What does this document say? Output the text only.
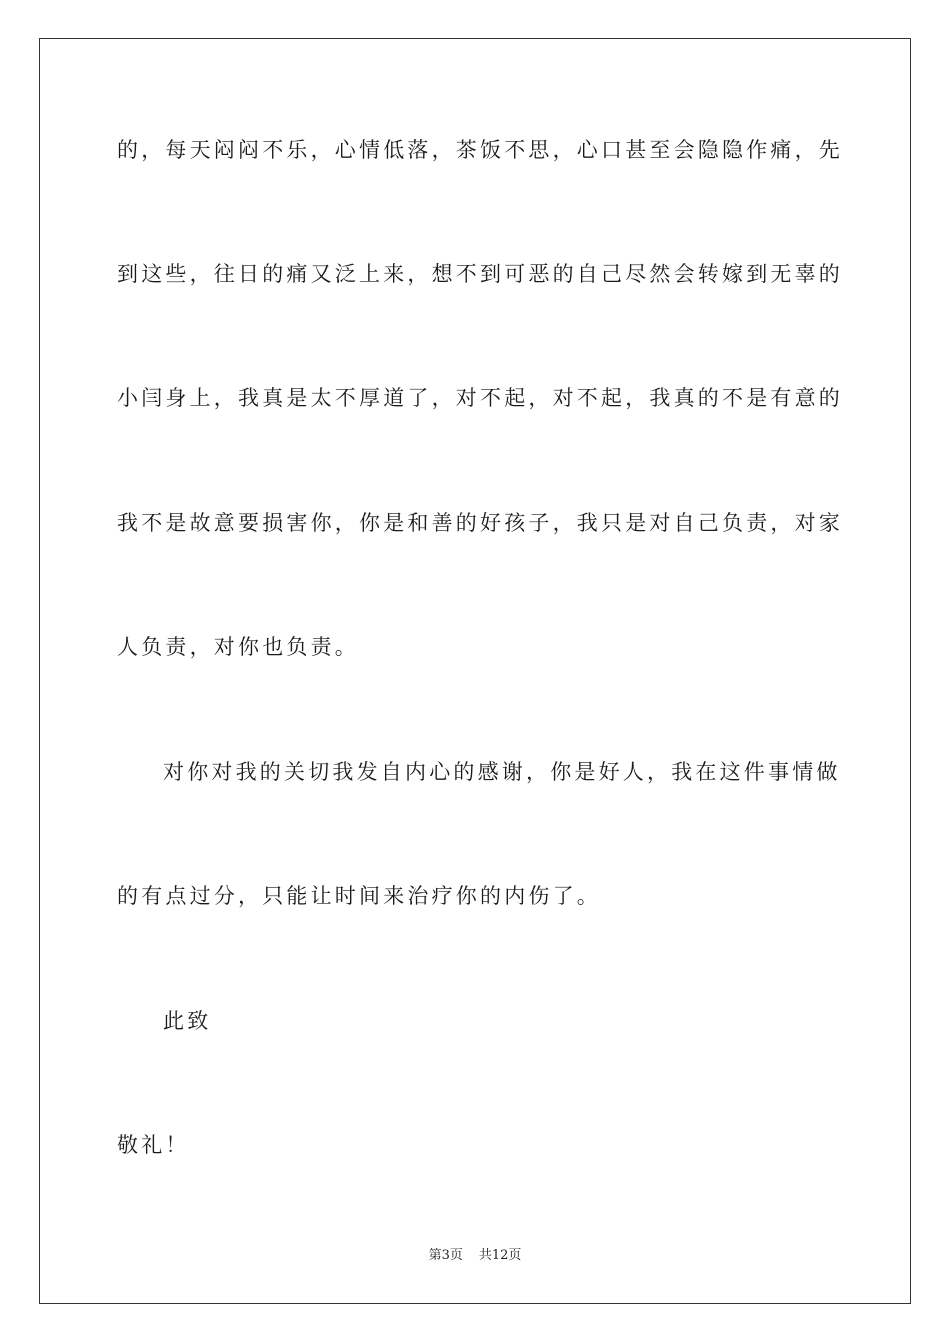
的，每天闷闷不乐，心情低落，茶饭不思，心口甚至会隐隐作痛，先
到这些，往日的痛又泛上来，想不到可恶的自己尽然会转嫁到无辜的
小闫身上，我真是太不厚道了，对不起，对不起，我真的不是有意的
我不是故意要损害你，你是和善的好孩子，我只是对自己负责，对家
人负责，对你也负责。
对你对我的关切我发自内心的感谢，你是好人，我在这件事情做
的有点过分，只能让时间来治疗你的内伤了。
此致
敬礼！
第3页 共12页
